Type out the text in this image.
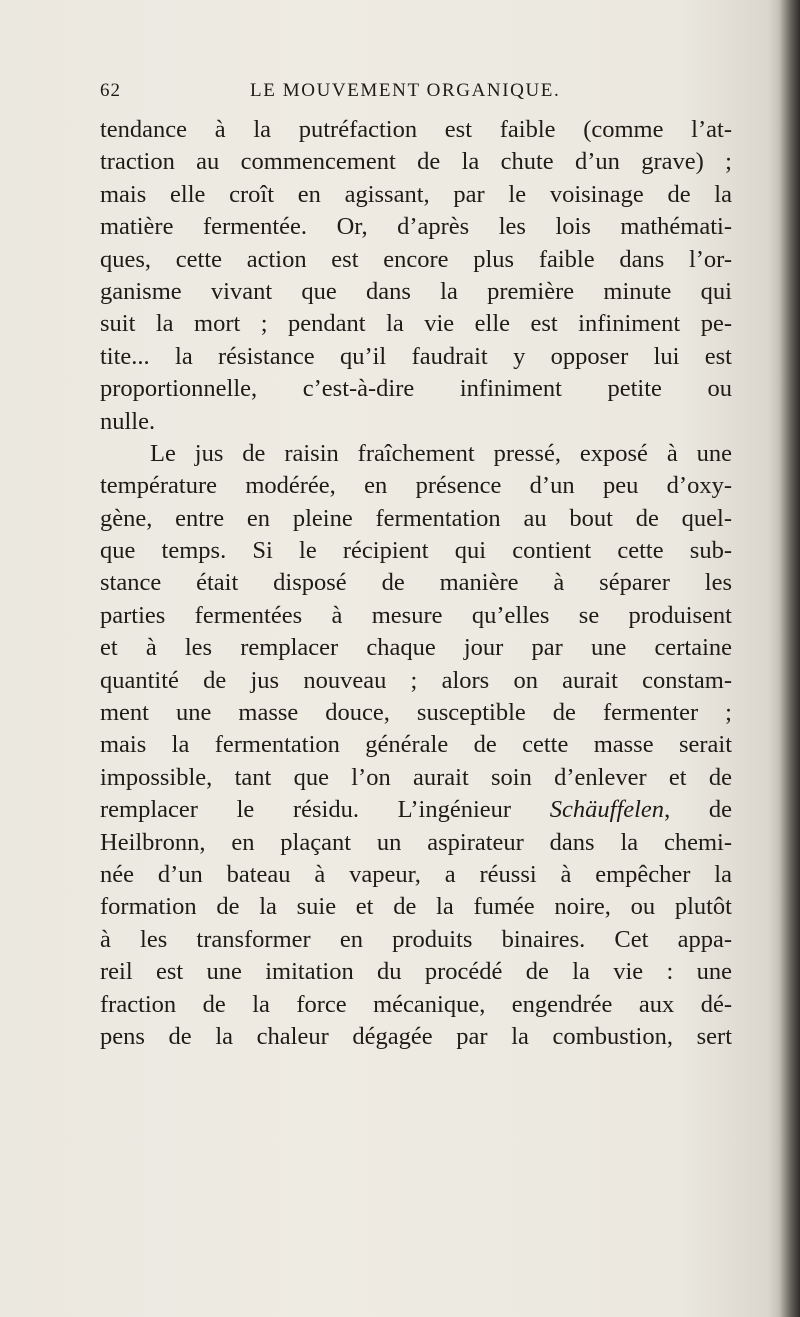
62	LE MOUVEMENT ORGANIQUE.
tendance à la putréfaction est faible (comme l’at-
traction au commencement de la chute d’un grave) ;
mais elle croît en agissant, par le voisinage de la
matière fermentée. Or, d’après les lois mathémati-
ques, cette action est encore plus faible dans l’or-
ganisme vivant que dans la première minute qui
suit la mort ; pendant la vie elle est infiniment pe-
tite... la résistance qu’il faudrait y opposer lui est
proportionnelle, c’est-à-dire infiniment petite ou
nulle.
Le jus de raisin fraîchement pressé, exposé à une
température modérée, en présence d’un peu d’oxy-
gène, entre en pleine fermentation au bout de quel-
que temps. Si le récipient qui contient cette sub-
stance était disposé de manière à séparer les
parties fermentées à mesure qu’elles se produisent
et à les remplacer chaque jour par une certaine
quantité de jus nouveau ; alors on aurait constam-
ment une masse douce, susceptible de fermenter ;
mais la fermentation générale de cette masse serait
impossible, tant que l’on aurait soin d’enlever et de
remplacer le résidu. L’ingénieur Schäuffelen, de
Heilbronn, en plaçant un aspirateur dans la chemi-
née d’un bateau à vapeur, a réussi à empêcher la
formation de la suie et de la fumée noire, ou plutôt
à les transformer en produits binaires. Cet appa-
reil est une imitation du procédé de la vie : une
fraction de la force mécanique, engendrée aux dé-
pens de la chaleur dégagée par la combustion, sert
